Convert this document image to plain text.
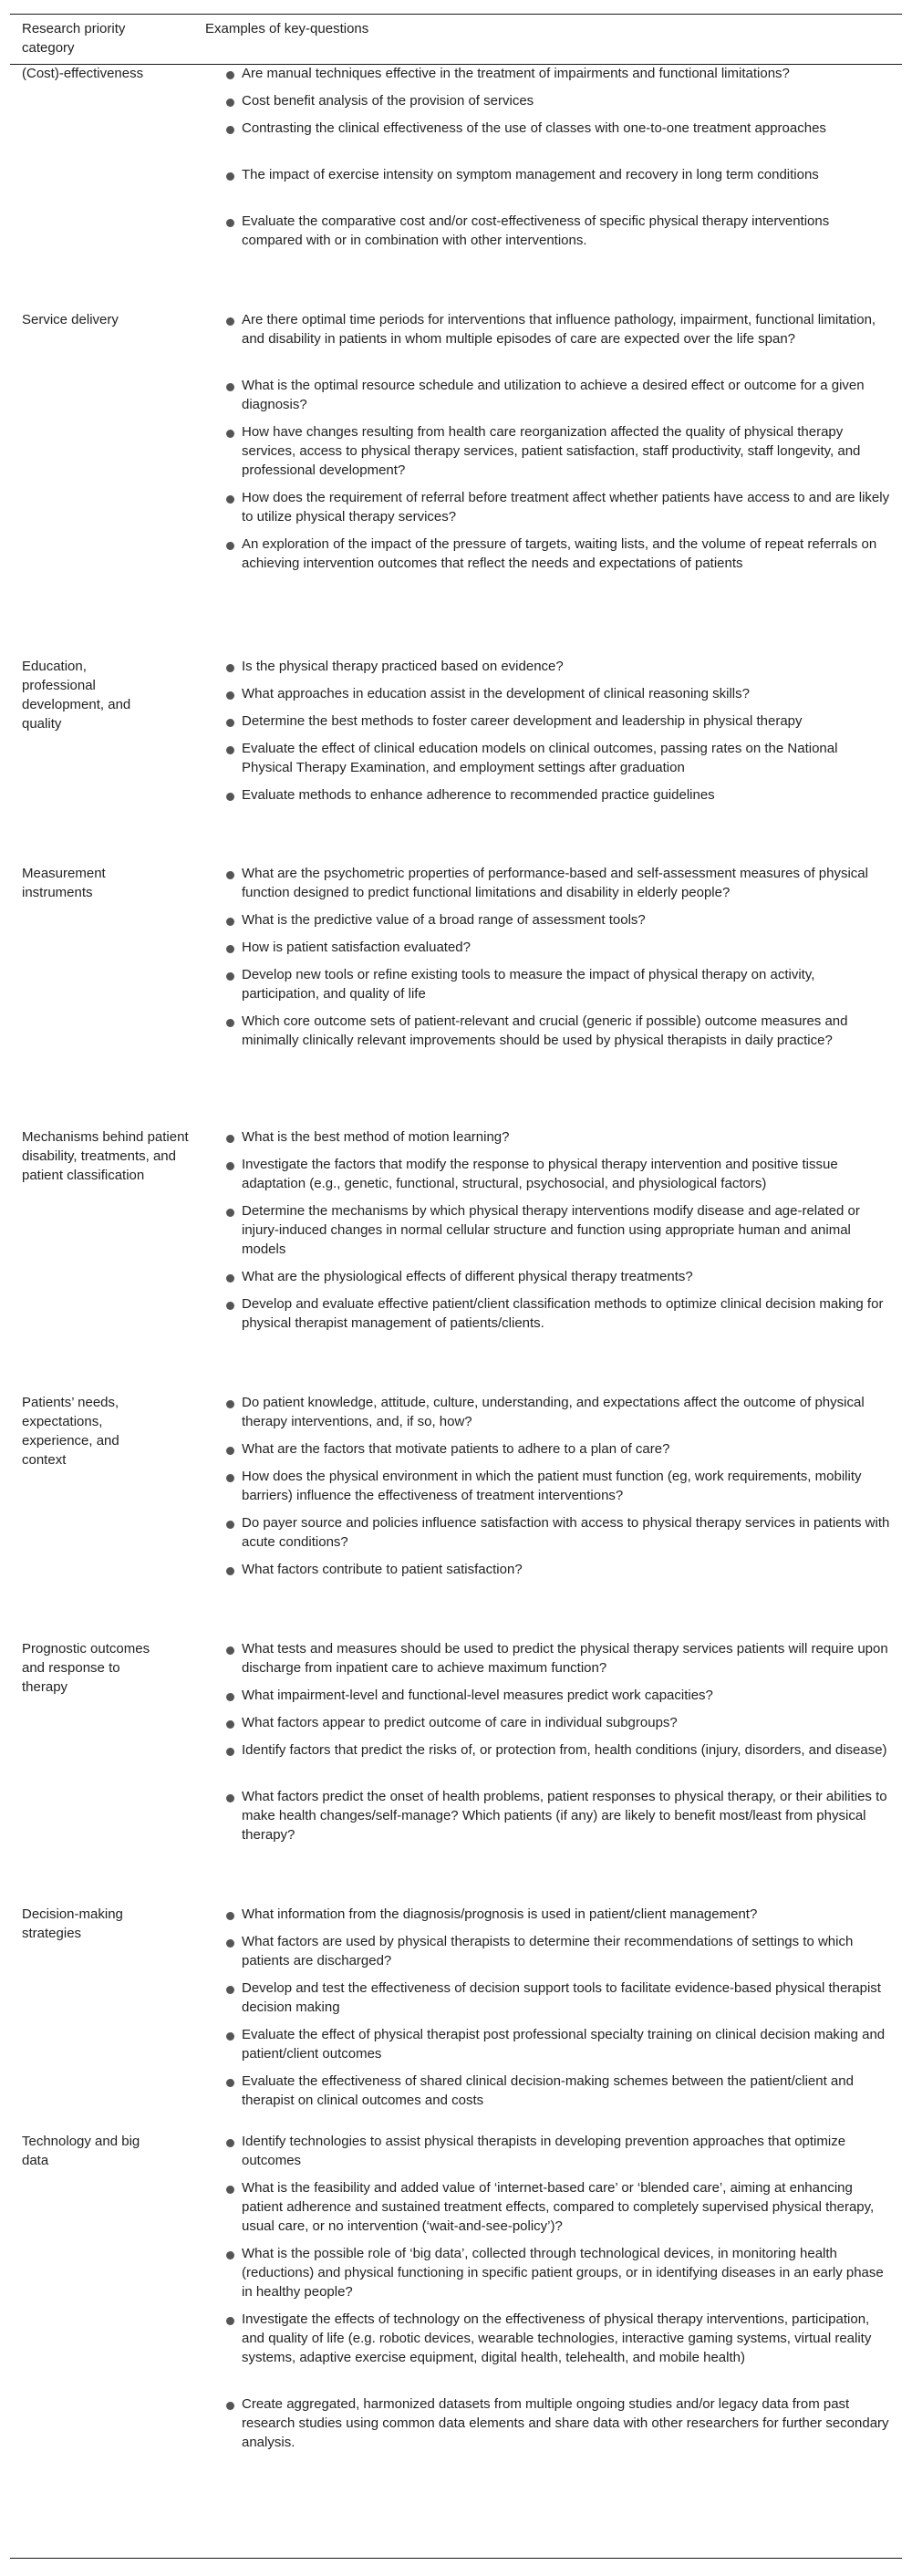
Research priority category
Examples of key-questions
(Cost)-effectiveness	Are manual techniques effective in the treatment of impairments and functional limitations?
Cost benefit analysis of the provision of services
Contrasting the clinical effectiveness of the use of classes with one-to-one treatment approaches
The impact of exercise intensity on symptom management and recovery in long term conditions
Evaluate the comparative cost and/or cost-effectiveness of specific physical therapy interventions compared with or in combination with other interventions.
Service delivery	Are there optimal time periods for interventions that influence pathology, impairment, functional limitation, and disability in patients in whom multiple episodes of care are expected over the life span?
What is the optimal resource schedule and utilization to achieve a desired effect or outcome for a given diagnosis?
How have changes resulting from health care reorganization affected the quality of physical therapy services, access to physical therapy services, patient satisfaction, staff productivity, staff longevity, and professional development?
How does the requirement of referral before treatment affect whether patients have access to and are likely to utilize physical therapy services?
An exploration of the impact of the pressure of targets, waiting lists, and the volume of repeat referrals on achieving intervention outcomes that reflect the needs and expectations of patients
Education, professional development, and quality
Is the physical therapy practiced based on evidence?
What approaches in education assist in the development of clinical reasoning skills?
Determine the best methods to foster career development and leadership in physical therapy
Evaluate the effect of clinical education models on clinical outcomes, passing rates on the National Physical Therapy Examination, and employment settings after graduation
Evaluate methods to enhance adherence to recommended practice guidelines
Measurement instruments
What are the psychometric properties of performance-based and self-assessment measures of physical function designed to predict functional limitations and disability in elderly people?
What is the predictive value of a broad range of assessment tools?
How is patient satisfaction evaluated?
Develop new tools or refine existing tools to measure the impact of physical therapy on activity, participation, and quality of life
Which core outcome sets of patient-relevant and crucial (generic if possible) outcome measures and minimally clinically relevant improvements should be used by physical therapists in daily practice?
Mechanisms behind patient disability, treatments, and patient classification
What is the best method of motion learning?
Investigate the factors that modify the response to physical therapy intervention and positive tissue adaptation (e.g., genetic, functional, structural, psychosocial, and physiological factors)
Determine the mechanisms by which physical therapy interventions modify disease and age-related or injury-induced changes in normal cellular structure and function using appropriate human and animal models
What are the physiological effects of different physical therapy treatments?
Develop and evaluate effective patient/client classification methods to optimize clinical decision making for physical therapist management of patients/clients.
Patients’ needs, expectations, experience, and context
Do patient knowledge, attitude, culture, understanding, and expectations affect the outcome of physical therapy interventions, and, if so, how?
What are the factors that motivate patients to adhere to a plan of care?
How does the physical environment in which the patient must function (eg, work requirements, mobility barriers) influence the effectiveness of treatment interventions?
Do payer source and policies influence satisfaction with access to physical therapy services in patients with acute conditions?
What factors contribute to patient satisfaction?
Prognostic outcomes and response to therapy
What tests and measures should be used to predict the physical therapy services patients will require upon discharge from inpatient care to achieve maximum function?
What impairment-level and functional-level measures predict work capacities?
What factors appear to predict outcome of care in individual subgroups?
Identify factors that predict the risks of, or protection from, health conditions (injury, disorders, and disease)
What factors predict the onset of health problems, patient responses to physical therapy, or their abilities to make health changes/self-manage? Which patients (if any) are likely to benefit most/least from physical therapy?
Decision-making strategies
What information from the diagnosis/prognosis is used in patient/client management?
What factors are used by physical therapists to determine their recommendations of settings to which patients are discharged?
Develop and test the effectiveness of decision support tools to facilitate evidence-based physical therapist decision making
Evaluate the effect of physical therapist post professional specialty training on clinical decision making and patient/client outcomes
Evaluate the effectiveness of shared clinical decision-making schemes between the patient/client and therapist on clinical outcomes and costs
Technology and big data
Identify technologies to assist physical therapists in developing prevention approaches that optimize outcomes
What is the feasibility and added value of ‘internet-based care’ or ‘blended care’, aiming at enhancing patient adherence and sustained treatment effects, compared to completely supervised physical therapy, usual care, or no intervention (‘wait-and-see-policy’)?
What is the possible role of ‘big data’, collected through technological devices, in monitoring health (reductions) and physical functioning in specific patient groups, or in identifying diseases in an early phase in healthy people?
Investigate the effects of technology on the effectiveness of physical therapy interventions, participation, and quality of life (e.g. robotic devices, wearable technologies, interactive gaming systems, virtual reality systems, adaptive exercise equipment, digital health, telehealth, and mobile health)
Create aggregated, harmonized datasets from multiple ongoing studies and/or legacy data from past research studies using common data elements and share data with other researchers for further secondary analysis.
